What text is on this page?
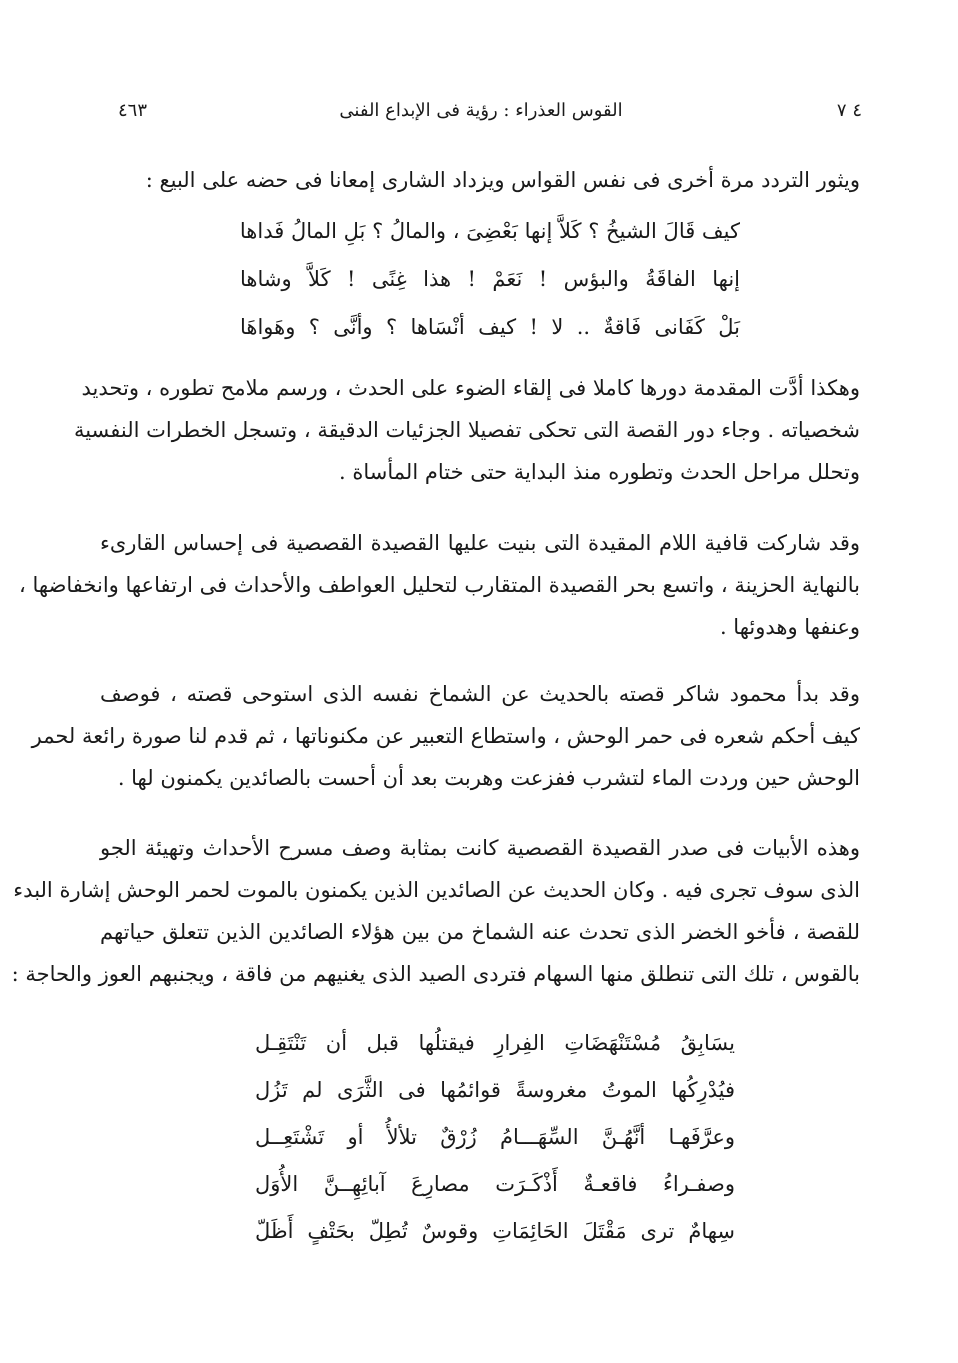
القوس العذراء : رؤية فى الإبداع الفنى
٤٦٣	٤ ٧
ويثور التردد مرة أخرى فى نفس القواس ويزداد الشارى إمعانا فى حضه على البيع :
كيف قَالَ الشيخُ ؟ كَلاَّ إنها بَعْضِىَ ، والمالُ ؟ بَلِ المالُ فَداها
إنها الفاقَةُ والبؤس ! نَعَمْ ! هذا غِنًى ! كَلاَّ وشاها
بَلْ كَفَانى فَاقةٌ .. لا ! كيف أنْسَاها ؟ وأنَّى ؟ وهَواهَا
وهكذا أدَّت المقدمة دورها كاملا فى إلقاء الضوء على الحدث ، ورسم ملامح تطوره ، وتحديد
شخصياته . وجاء دور القصة التى تحكى تفصيلا الجزئيات الدقيقة ، وتسجل الخطرات النفسية
وتحلل مراحل الحدث وتطوره منذ البداية حتى ختام المأساة .
وقد شاركت قافية اللام المقيدة التى بنيت عليها القصيدة القصصية فى إحساس القارىء
بالنهاية الحزينة ، واتسع بحر القصيدة المتقارب لتحليل العواطف والأحداث فى ارتفاعها وانخفاضها ،
وعنفها وهدوئها .
وقد بدأ محمود شاكر قصته بالحديث عن الشماخ نفسه الذى استوحى قصته ، فوصف
كيف أحكم شعره فى حمر الوحش ، واستطاع التعبير عن مكنوناتها ، ثم قدم لنا صورة رائعة لحمر
الوحش حين وردت الماء لتشرب ففزعت وهربت بعد أن أحست بالصائدين يكمنون لها .
وهذه الأبيات فى صدر القصيدة القصصية كانت بمثابة وصف مسرح الأحداث وتهيئة الجو
الذى سوف تجرى فيه . وكان الحديث عن الصائدين الذين يكمنون بالموت لحمر الوحش إشارة البدء
للقصة ، فأخو الخضر الذى تحدث عنه الشماخ من بين هؤلاء الصائدين الذين تتعلق حياتهم
بالقوس ، تلك التى تنطلق منها السهام فتردى الصيد الذى يغنيهم من فاقة ، ويجنبهم العوز والحاجة :
يسَابِقُ مُسْتَنْهَضَاتِ الفِرارِ فيقتلُها قبل أن تَنْتَقِـل
فيُدْرِكُها الموتُ مغروسةً قوائمُها فى الثَّرَى لم تَزُل
وعرَّفَهـا أنَّهُـنَّ السِّهَـــامُ زُرْقٌ تلألأُ أو تَشْتَعِــل
وصفـراءُ فاقعـةٌ أَذْكَـرَت مصارِعَ آبائِهِــنَّ الأُوَل
سِهامٌ ترى مَقْتَلَ الحَائِمَاتِ وقوسٌ تُطِلّ بحَتْفٍ أَظَلّ
